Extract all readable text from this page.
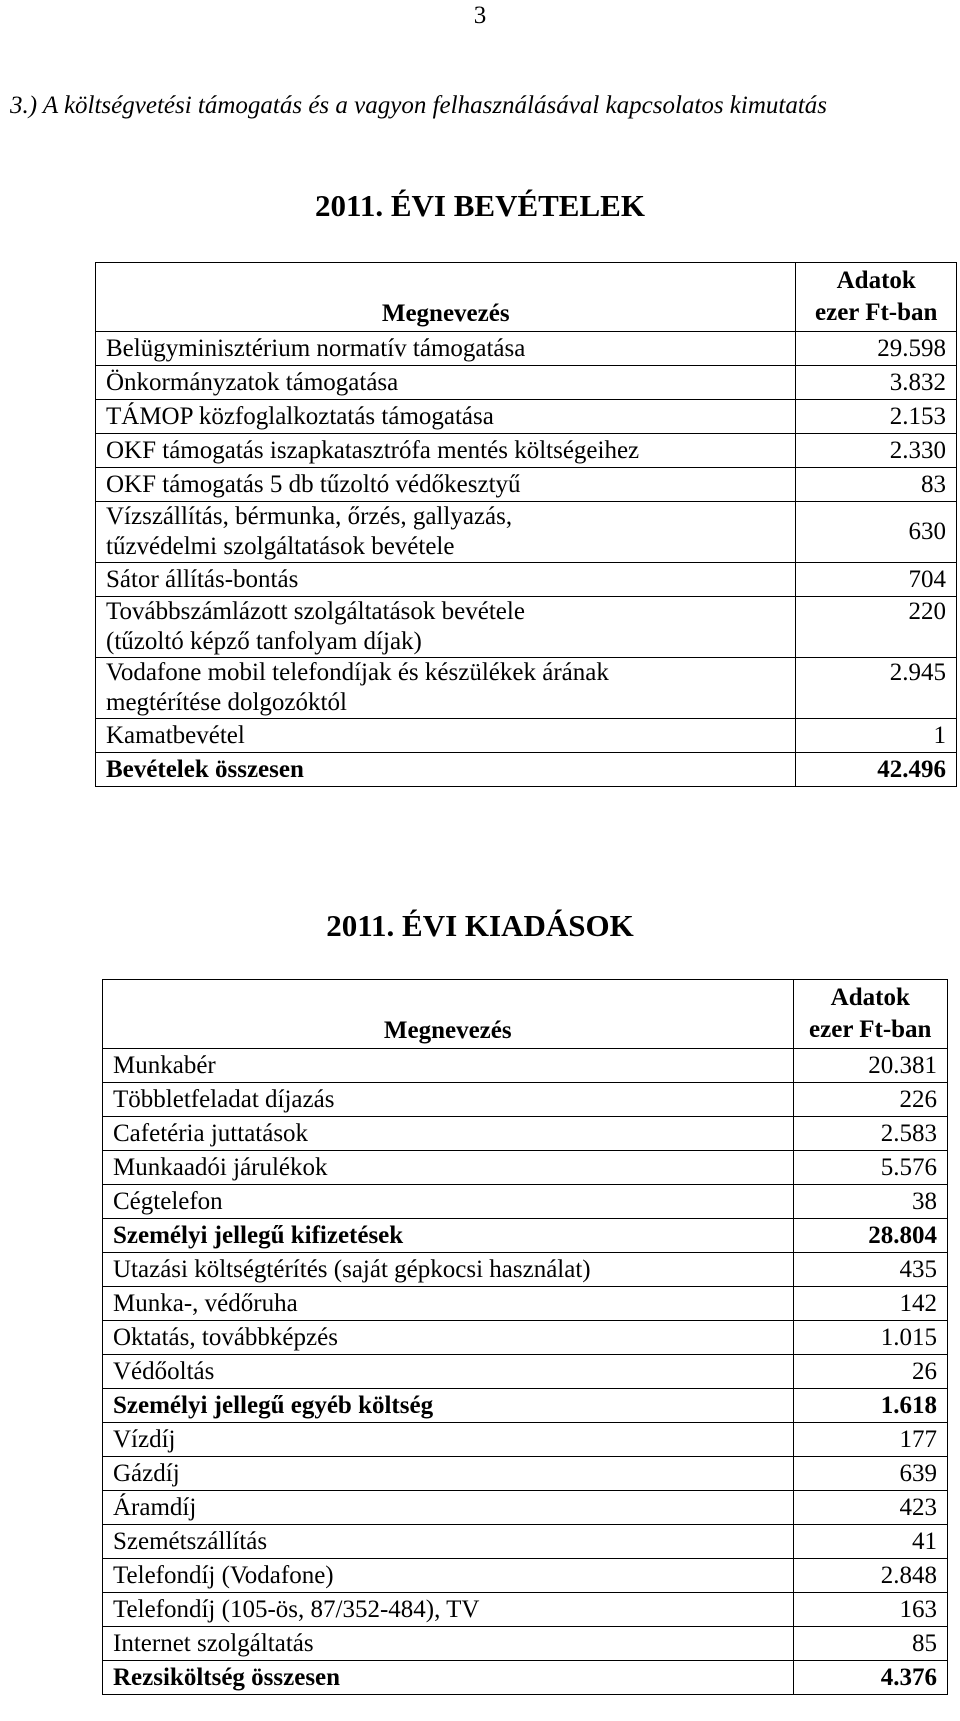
3
3.) A költségvetési támogatás és a vagyon felhasználásával kapcsolatos kimutatás
2011. ÉVI BEVÉTELEK
Megnevezés	Adatok
ezer Ft-ban

Belügyminisztérium normatív támogatása	29.598
Önkormányzatok támogatása	3.832
TÁMOP közfoglalkoztatás támogatása	2.153
OKF támogatás iszapkatasztrófa mentés költségeihez	2.330
OKF támogatás 5 db tűzoltó védőkesztyű	83

Vízszállítás, bérmunka, őrzés, gallyazás,
tűzvédelmi szolgáltatások bevétele	630
Sátor állítás-bontás	704

Továbbszámlázott szolgáltatások bevétele
(tűzoltó képző tanfolyam díjak)	220

Vodafone mobil telefondíjak és készülékek árának
megtérítése dolgozóktól	2.945
Kamatbevétel	1
Bevételek összesen	42.496
2011. ÉVI KIADÁSOK
Megnevezés	Adatok
ezer Ft-ban

Munkabér	20.381
Többletfeladat díjazás	226
Cafetéria juttatások	2.583
Munkaadói járulékok	5.576
Cégtelefon	38
Személyi jellegű kifizetések	28.804
Utazási költségtérítés (saját gépkocsi használat)	435
Munka-, védőruha	142
Oktatás, továbbképzés	1.015
Védőoltás	26
Személyi jellegű egyéb költség	1.618
Vízdíj	177
Gázdíj	639
Áramdíj	423
Szemétszállítás	41
Telefondíj (Vodafone)	2.848
Telefondíj (105-ös, 87/352-484), TV	163
Internet szolgáltatás	85
Rezsiköltség összesen	4.376
